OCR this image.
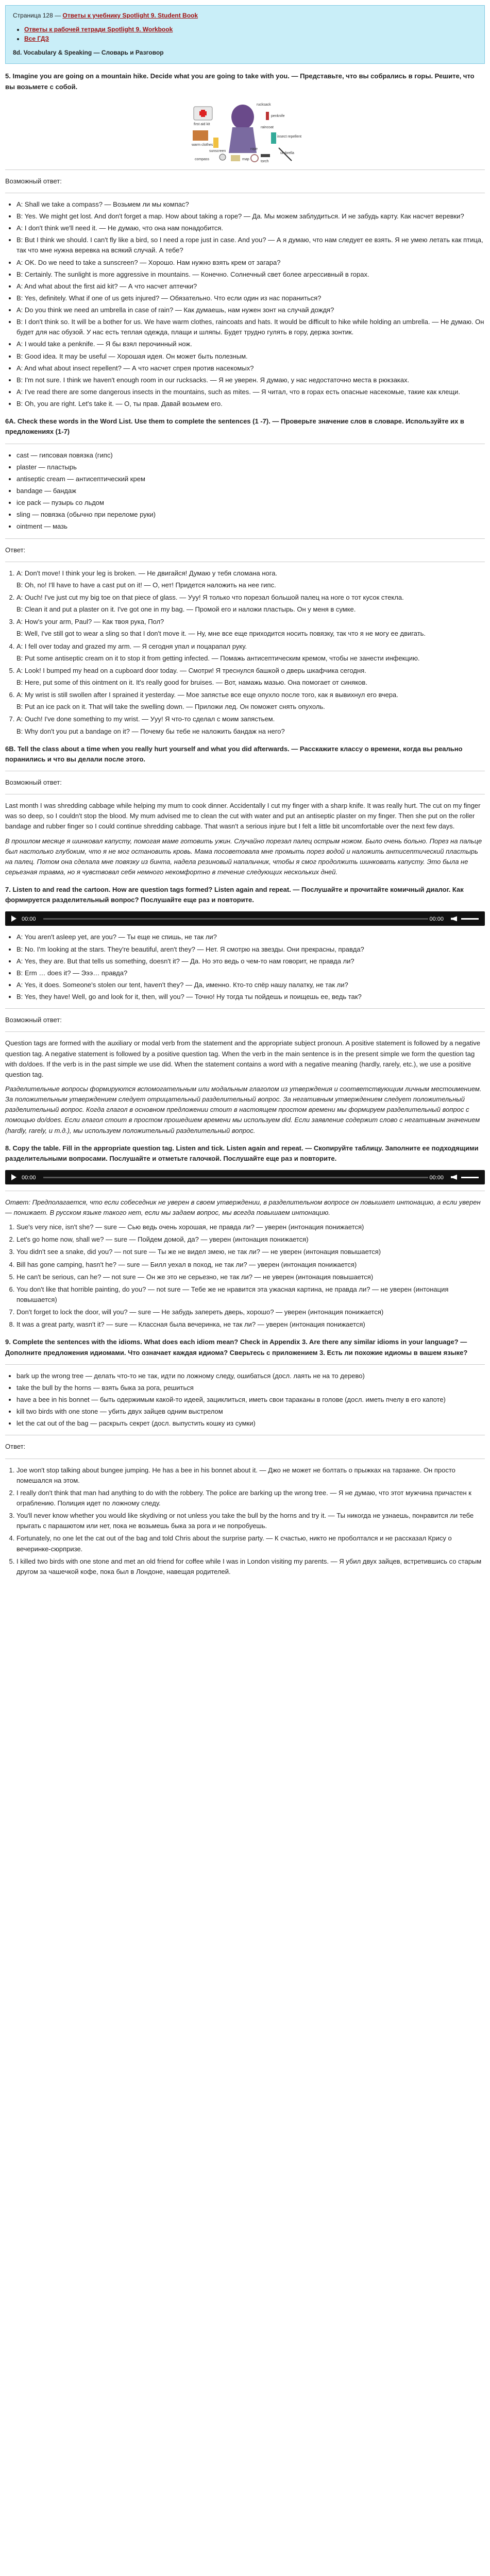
Страница 128 — Ответы к учебнику Spotlight 9. Student Book
• Ответы к рабочей тетради Spotlight 9. Workbook
• Все ГДЗ
8d. Vocabulary & Speaking — Словарь и Разговор
5. Imagine you are going on a mountain hike. Decide what you are going to take with you. — Представьте, что вы собрались в горы. Решите, что вы возьмете с собой.
first aid kit
rucksack
penknife
raincoat
warm clothes
insect repellent
sunscreen
umbrella
compass
torch
map
rope
Возможный ответ:
• A: Shall we take a compass? — Возьмем ли мы компас?
• B: Yes. We might get lost. And don't forget a map. How about taking a rope? — Да. Мы можем заблудиться. И не забудь карту. Как насчет веревки?
• A: I don't think we'll need it. — Не думаю, что она нам понадобится.
• B: But I think we should. I can't fly like a bird, so I need a rope just in case. And you? — А я думаю, что нам следует ее взять. Я не умею летать как птица, так что мне нужна веревка на всякий случай. А тебе?
• A: OK. Do we need to take a sunscreen? — Хорошо. Нам нужно взять крем от загара?
• B: Certainly. The sunlight is more aggressive in mountains. — Конечно. Солнечный свет более агрессивный в горах.
• A: And what about the first aid kit? — А что насчет аптечки?
• B: Yes, definitely. What if one of us gets injured? — Обязательно. Что если один из нас пораниться?
• A: Do you think we need an umbrella in case of rain? — Как думаешь, нам нужен зонт на случай дождя?
• B: I don't think so. It will be a bother for us. We have warm clothes, raincoats and hats. It would be difficult to hike while holding an umbrella. — Не думаю. Он будет для нас обузой. У нас есть теплая одежда, плащи и шляпы. Будет трудно гулять в гору, держа зонтик.
• A: I would take a penknife. — Я бы взял перочинный нож.
• B: Good idea. It may be useful — Хорошая идея. Он может быть полезным.
• A: And what about insect repellent? — А что насчет спрея против насекомых?
• B: I'm not sure. I think we haven't enough room in our rucksacks. — Я не уверен. Я думаю, у нас недостаточно места в рюкзаках.
• A: I've read there are some dangerous insects in the mountains, such as mites. — Я читал, что в горах есть опасные насекомые, такие как клещи.
• B: Oh, you are right. Let's take it. — О, ты прав. Давай возьмем его.
6A. Check these words in the Word List. Use them to complete the sentences (1 -7). — Проверьте значение слов в словаре. Используйте их в предложениях (1-7)
• cast — гипсовая повязка (гипс)
• plaster — пластырь
• antiseptic cream — антисептический крем
• bandage — бандаж
• ice pack — пузырь со льдом
• sling — повязка (обычно при переломе руки)
• ointment — мазь
Ответ:
1. A: Don't move! I think your leg is broken. — Не двигайся! Думаю у тебя сломана нога.
B: Oh, no! I'll have to have a cast put on it! — О, нет! Придется наложить на нее гипс.
2. A: Ouch! I've just cut my big toe on that piece of glass. — Ууу! Я только что порезал большой палец на ноге о тот кусок стекла.
B: Clean it and put a plaster on it. I've got one in my bag. — Промой его и наложи пластырь. Он у меня в сумке.
3. A: How's your arm, Paul? — Как твоя рука, Пол?
B: Well, I've still got to wear a sling so that I don't move it. — Ну, мне все еще приходится носить повязку, так что я не могу ее двигать.
4. A: I fell over today and grazed my arm. — Я сегодня упал и поцарапал руку.
B: Put some antiseptic cream on it to stop it from getting infected. — Помажь антисептическим кремом, чтобы не занести инфекцию.
5. A: Look! I bumped my head on a cupboard door today. — Смотри! Я треснулся башкой о дверь шкафчика сегодня.
B: Here, put some of this ointment on it. It's really good for bruises. — Вот, намажь мазью. Она помогает от синяков.
6. A: My wrist is still swollen after I sprained it yesterday. — Мое запястье все еще опухло после того, как я вывихнул его вчера.
B: Put an ice pack on it. That will take the swelling down. — Приложи лед. Он поможет снять опухоль.
7. A: Ouch! I've done something to my wrist. — Ууу! Я что-то сделал с моим запястьем.
B: Why don't you put a bandage on it? — Почему бы тебе не наложить бандаж на него?
6B. Tell the class about a time when you really hurt yourself and what you did afterwards. — Расскажите классу о времени, когда вы реально поранились и что вы делали после этого.
Возможный ответ:

Last month I was shredding cabbage while helping my mum to cook dinner. Accidentally I cut my finger with a sharp knife. It was really hurt. The cut on my finger was so deep, so I couldn't stop the blood. My mum advised me to clean the cut with water and put an antiseptic plaster on my finger. Then she put on the roller bandage and rubber finger so I could continue shredding cabbage. That wasn't a serious injure but I felt a little bit uncomfortable over the next few days.

В прошлом месяце я шинковал капусту, помогая маме готовить ужин. Случайно порезал палец острым ножом. Было очень больно. Порез на пальце был настолько глубоким, что я не мог остановить кровь. Мама посоветовала мне промыть порез водой и наложить антисептический пластырь на палец. Потом она сделала мне повязку из бинта, надела резиновый напальчник, чтобы я смог продолжить шинковать капусту. Это была не серьезная травма, но я чувствовал себя немного некомфортно в течение следующих нескольких дней.

7. Listen to and read the cartoon. How are question tags formed? Listen again and repeat. — Послушайте и прочитайте комичный диалог. Как формируется разделительный вопрос? Послушайте еще раз и повторите.
00:00	00:00
• A: You aren't asleep yet, are you? — Ты еще не спишь, не так ли?
• B: No. I'm looking at the stars. They're beautiful, aren't they? — Нет. Я смотрю на звезды. Они прекрасны, правда?
• A: Yes, they are. But that tells us something, doesn't it? — Да. Но это ведь о чем-то нам говорит, не правда ли?
• B: Erm … does it? — Эээ… правда?
• A: Yes, it does. Someone's stolen our tent, haven't they? — Да, именно. Кто-то спёр нашу палатку, не так ли?
• B: Yes, they have! Well, go and look for it, then, will you? — Точно! Ну тогда ты пойдешь и поищешь ее, ведь так?
Возможный ответ:

Question tags are formed with the auxiliary or modal verb from the statement and the appropriate subject pronoun. A positive statement is followed by a negative question tag. A negative statement is followed by a positive question tag. When the verb in the main sentence is in the present simple we form the question tag with do/does. If the verb is in the past simple we use did. When the statement contains a word with a negative meaning (hardly, rarely, etc.), we use a positive question tag.

Разделительные вопросы формируются вспомогательным или модальным глаголом из утверждения и соответствующим личным местоимением. За положительным утверждением следует отрицательный разделительный вопрос. За негативным утверждением следует положительный разделительный вопрос. Когда глагол в основном предложении стоит в настоящем простом времени мы формируем разделительный вопрос с помощью do/does. Если глагол стоит в простом прошедшем времени мы используем did. Если заявление содержит слово с негативным значением (hardly, rarely, и т.д.), мы используем положительный разделительный вопрос.

8. Copy the table. Fill in the appropriate question tag. Listen and tick. Listen again and repeat. — Скопируйте таблицу. Заполните ее подходящими разделительными вопросами. Послушайте и отметьте галочкой. Послушайте еще раз и повторите.
00:00	00:00

Ответ: Предполагается, что если собеседник не уверен в своем утверждении, в разделительном вопросе он повышает интонацию, а если уверен — понижает. В русском языке такого нет, если мы задаем вопрос, мы всегда повышаем интонацию.

1. Sue's very nice, isn't she? — sure — Сью ведь очень хорошая, не правда ли? — уверен (интонация понижается)
2. Let's go home now, shall we? — sure — Пойдем домой, да? — уверен (интонация понижается)
3. You didn't see a snake, did you? — not sure — Ты же не видел змею, не так ли? — не уверен (интонация повышается)
4. Bill has gone camping, hasn't he? — sure — Билл уехал в поход, не так ли? — уверен (интонация понижается)
5. He can't be serious, can he? — not sure — Он же это не серьезно, не так ли? — не уверен (интонация повышается)
6. You don't like that horrible painting, do you? — not sure — Тебе же не нравится эта ужасная картина, не правда ли? — не уверен (интонация повышается)
7. Don't forget to lock the door, will you? — sure — Не забудь запереть дверь, хорошо? — уверен (интонация понижается)
8. It was a great party, wasn't it? — sure — Классная была вечеринка, не так ли? — уверен (интонация понижается)
9. Complete the sentences with the idioms. What does each idiom mean? Check in Appendix 3. Are there any similar idioms in your language? — Дополните предложения идиомами. Что означает каждая идиома? Сверьтесь с приложением 3. Есть ли похожие идиомы в вашем языке?
• bark up the wrong tree — делать что-то не так, идти по ложному следу, ошибаться (досл. лаять не на то дерево)
• take the bull by the horns — взять быка за рога, решиться
• have a bee in his bonnet — быть одержимым какой-то идеей, зациклиться, иметь свои тараканы в голове (досл. иметь пчелу в его капоте)
• kill two birds with one stone — убить двух зайцев одним выстрелом
• let the cat out of the bag — раскрыть секрет (досл. выпустить кошку из сумки)
Ответ:
1. Joe won't stop talking about bungee jumping. He has a bee in his bonnet about it. — Джо не может не болтать о прыжках на тарзанке. Он просто помешался на этом.
2. I really don't think that man had anything to do with the robbery. The police are barking up the wrong tree. — Я не думаю, что этот мужчина причастен к ограблению. Полиция идет по ложному следу.
3. You'll never know whether you would like skydiving or not unless you take the bull by the horns and try it. — Ты никогда не узнаешь, понравится ли тебе прыгать с парашютом или нет, пока не возьмешь быка за рога и не попробуешь.
4. Fortunately, no one let the cat out of the bag and told Chris about the surprise party. — К счастью, никто не проболтался и не рассказал Крису о вечеринке-сюрпризе.
5. I killed two birds with one stone and met an old friend for coffee while I was in London visiting my parents. — Я убил двух зайцев, встретившись со старым другом за чашечкой кофе, пока был в Лондоне, навещая родителей.
